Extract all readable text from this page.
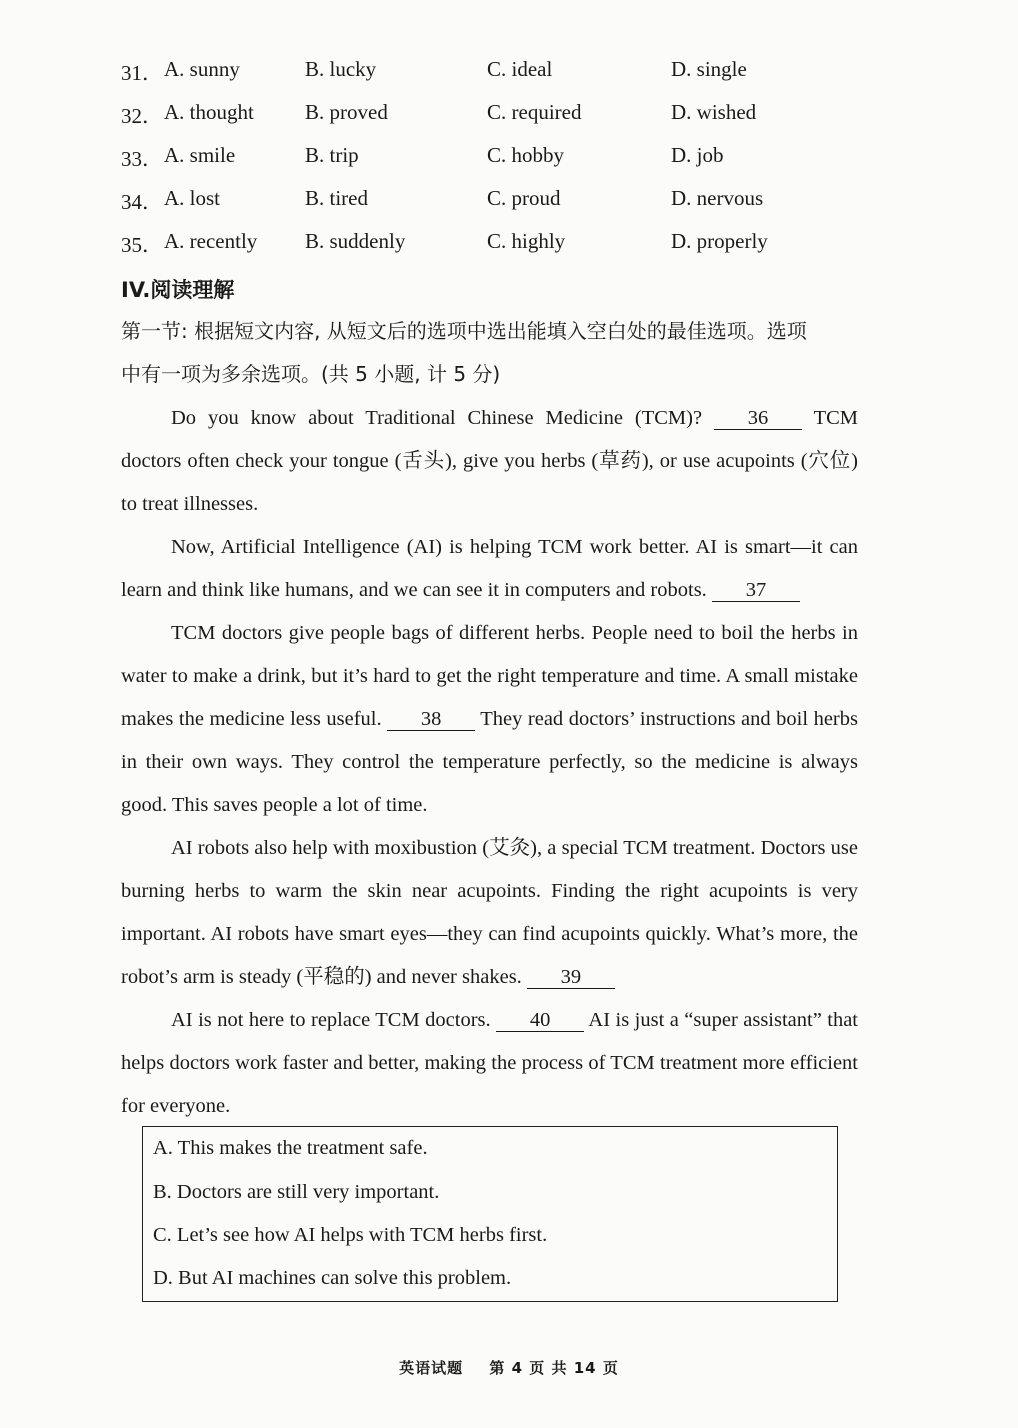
31． A. sunny	B. lucky	C. ideal	D. single
32． A. thought B. proved	C. required	D. wished
33． A. smile	B. trip	C. hobby	D. job
34． A. lost	B. tired	C. proud	D. nervous
35． A. recently B. suddenly	C. highly	D. properly
IV.阅读理解

第一节: 根据短文内容, 从短文后的选项中选出能填入空白处的最佳选项。选项

中有一项为多余选项。(共 5 小题, 计 5 分)

Do you know about Traditional Chinese Medicine (TCM)? 36 TCM doctors often check your tongue (舌头), give you herbs (草药), or use acupoints (穴位) to treat illnesses.

Now, Artificial Intelligence (AI) is helping TCM work better. AI is smart—it can learn and think like humans, and we can see it in computers and robots. 37

TCM doctors give people bags of different herbs. People need to boil the herbs in water to make a drink, but it’s hard to get the right temperature and time. A small mistake makes the medicine less useful. 38 They read doctors’ instructions and boil herbs in their own ways. They control the temperature perfectly, so the medicine is always good. This saves people a lot of time.

AI robots also help with moxibustion (艾灸), a special TCM treatment. Doctors use burning herbs to warm the skin near acupoints. Finding the right acupoints is very important. AI robots have smart eyes—they can find acupoints quickly. What’s more, the robot’s arm is steady (平稳的) and never shakes. 39

AI is not here to replace TCM doctors. 40 AI is just a “super assistant” that helps doctors work faster and better, making the process of TCM treatment more efficient for everyone.

A. This makes the treatment safe.
B. Doctors are still very important.
C. Let’s see how AI helps with TCM herbs first.
D. But AI machines can solve this problem.
英语试题 第 4 页 共 14 页
